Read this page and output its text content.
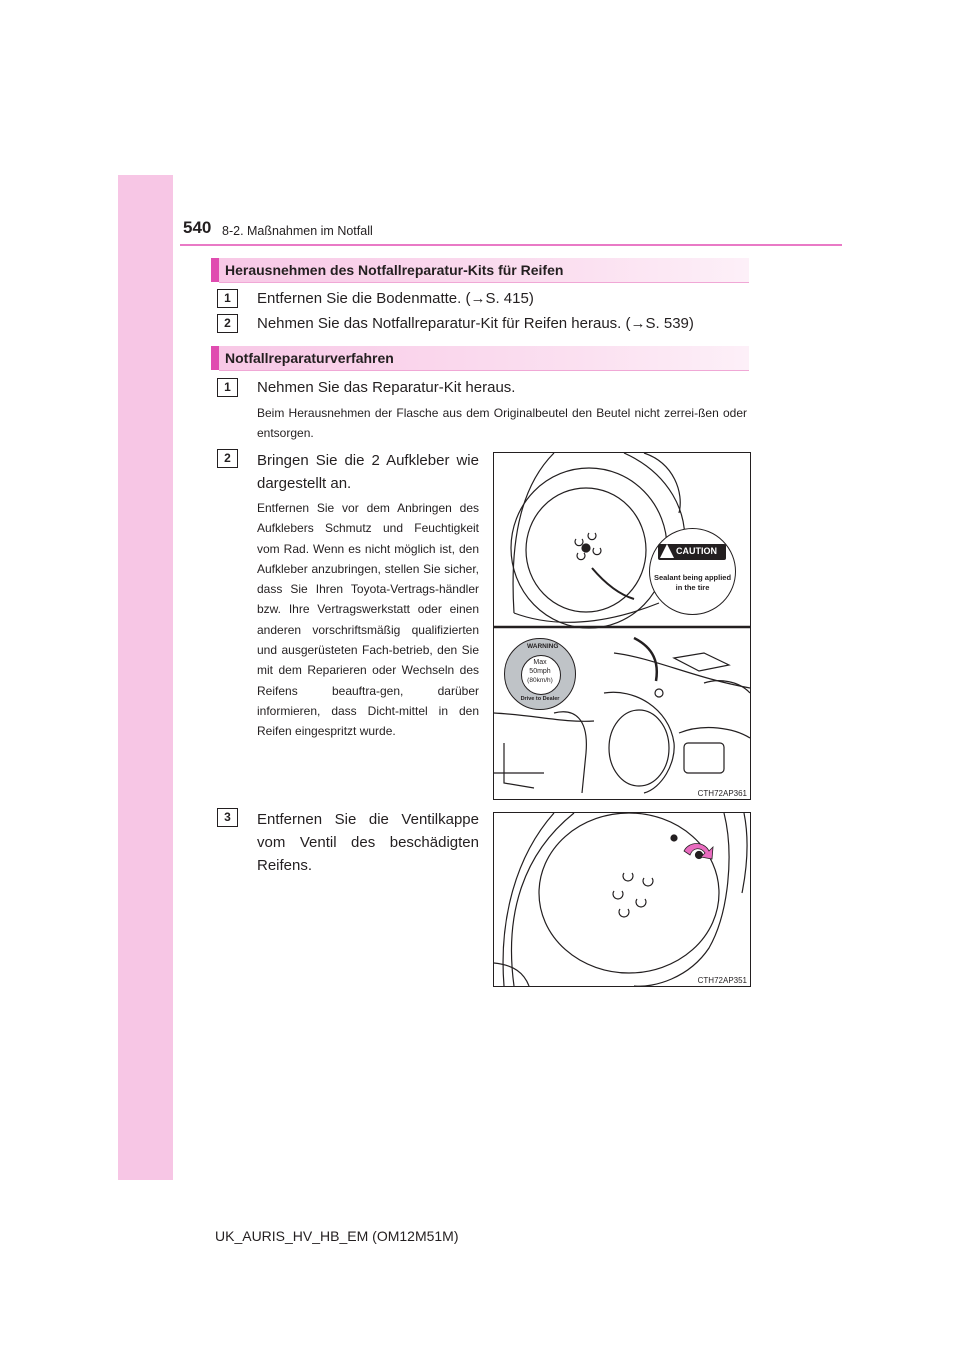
540 8-2. Maßnahmen im Notfall
Herausnehmen des Notfallreparatur-Kits für Reifen
1	Entfernen Sie die Bodenmatte. (→S. 415)
2	Nehmen Sie das Notfallreparatur-Kit für Reifen heraus. (→S. 539)
Notfallreparaturverfahren
1	Nehmen Sie das Reparatur-Kit heraus.
Beim Herausnehmen der Flasche aus dem Originalbeutel den Beutel nicht zerrei-ßen oder entsorgen.
2	Bringen Sie die 2 Aufkleber wie dargestellt an.
Entfernen Sie vor dem Anbringen des Aufklebers Schmutz und Feuchtigkeit vom Rad. Wenn es nicht möglich ist, den Aufkleber anzubringen, stellen Sie sicher, dass Sie Ihren Toyota-Vertrags-händler bzw. Ihre Vertragswerkstatt oder einen anderen vorschriftsmäßig qualifizierten und ausgerüsteten Fach-betrieb, den Sie mit dem Reparieren oder Wechseln des Reifens beauftra-gen, darüber informieren, dass Dicht-mittel in den Reifen eingespritzt wurde.
CAUTION
Sealant being applied
in the tire
WARNING
Max
50mph
(80km/h)
Drive to Dealer
CTH72AP361
3	Entfernen Sie die Ventilkappe vom Ventil des beschädigten Reifens.
CTH72AP351
UK_AURIS_HV_HB_EM (OM12M51M)
